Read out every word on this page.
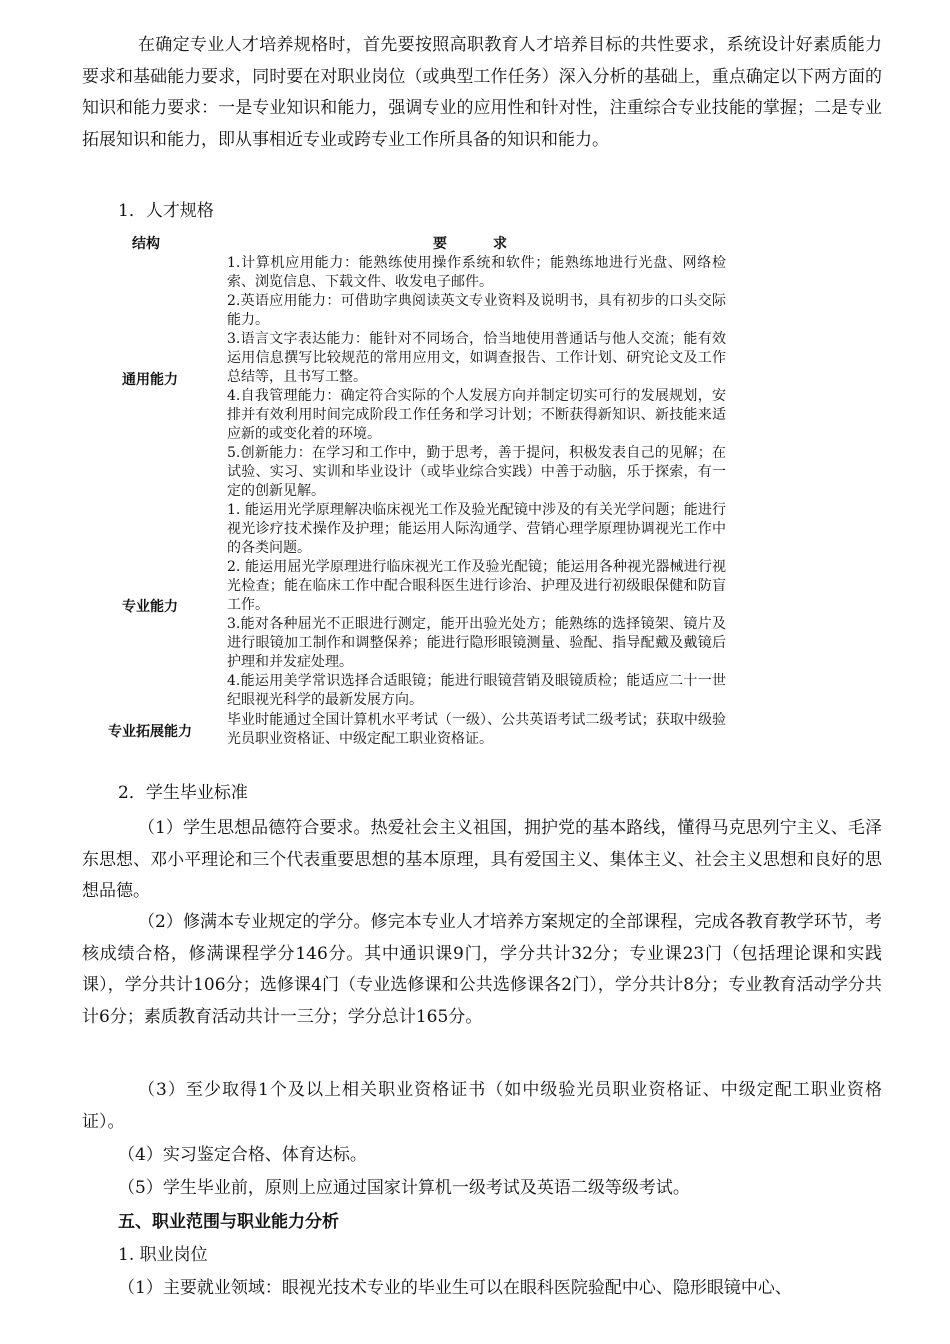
在确定专业人才培养规格时，首先要按照高职教育人才培养目标的共性要求，系统设计好素质能力要求和基础能力要求，同时要在对职业岗位（或典型工作任务）深入分析的基础上，重点确定以下两方面的知识和能力要求：一是专业知识和能力，强调专业的应用性和针对性，注重综合专业技能的掌握；二是专业拓展知识和能力，即从事相近专业或跨专业工作所具备的知识和能力。

1．人才规格

结构	要求
通用能力

1.计算机应用能力：能熟练使用操作系统和软件；能熟练地进行光盘、网络检索、浏览信息、下载文件、收发电子邮件。

2.英语应用能力：可借助字典阅读英文专业资料及说明书，具有初步的口头交际能力。

3.语言文字表达能力：能针对不同场合，恰当地使用普通话与他人交流；能有效运用信息撰写比较规范的常用应用文，如调查报告、工作计划、研究论文及工作总结等，且书写工整。

4.自我管理能力：确定符合实际的个人发展方向并制定切实可行的发展规划，安排并有效利用时间完成阶段工作任务和学习计划；不断获得新知识、新技能来适应新的或变化着的环境。

5.创新能力：在学习和工作中，勤于思考，善于提问，积极发表自己的见解；在试验、实习、实训和毕业设计（或毕业综合实践）中善于动脑，乐于探索，有一定的创新见解。

专业能力

1. 能运用光学原理解决临床视光工作及验光配镜中涉及的有关光学问题；能进行视光诊疗技术操作及护理；能运用人际沟通学、营销心理学原理协调视光工作中的各类问题。

2. 能运用屈光学原理进行临床视光工作及验光配镜；能运用各种视光器械进行视光检查；能在临床工作中配合眼科医生进行诊治、护理及进行初级眼保健和防盲工作。

3.能对各种屈光不正眼进行测定，能开出验光处方；能熟练的选择镜架、镜片及进行眼镜加工制作和调整保养；能进行隐形眼镜测量、验配、指导配戴及戴镜后护理和并发症处理。

4.能运用美学常识选择合适眼镜；能进行眼镜营销及眼镜质检；能适应二十一世纪眼视光科学的最新发展方向。

专业拓展能力

毕业时能通过全国计算机水平考试（一级）、公共英语考试二级考试；获取中级验光员职业资格证、中级定配工职业资格证。

2．学生毕业标准

（1）学生思想品德符合要求。热爱社会主义祖国，拥护党的基本路线，懂得马克思列宁主义、毛泽东思想、邓小平理论和三个代表重要思想的基本原理，具有爱国主义、集体主义、社会主义思想和良好的思想品德。

（2）修满本专业规定的学分。修完本专业人才培养方案规定的全部课程，完成各教育教学环节，考核成绩合格，修满课程学分146分。其中通识课9门，学分共计32分；专业课23门（包括理论课和实践课），学分共计106分；选修课4门（专业选修课和公共选修课各2门），学分共计8分；专业教育活动学分共计6分；素质教育活动共计一三分；学分总计165分。

（3）至少取得1个及以上相关职业资格证书（如中级验光员职业资格证、中级定配工职业资格证）。

（4）实习鉴定合格、体育达标。

（5）学生毕业前，原则上应通过国家计算机一级考试及英语二级等级考试。

五、职业范围与职业能力分析

1. 职业岗位

（1）主要就业领域：眼视光技术专业的毕业生可以在眼科医院验配中心、隐形眼镜中心、
